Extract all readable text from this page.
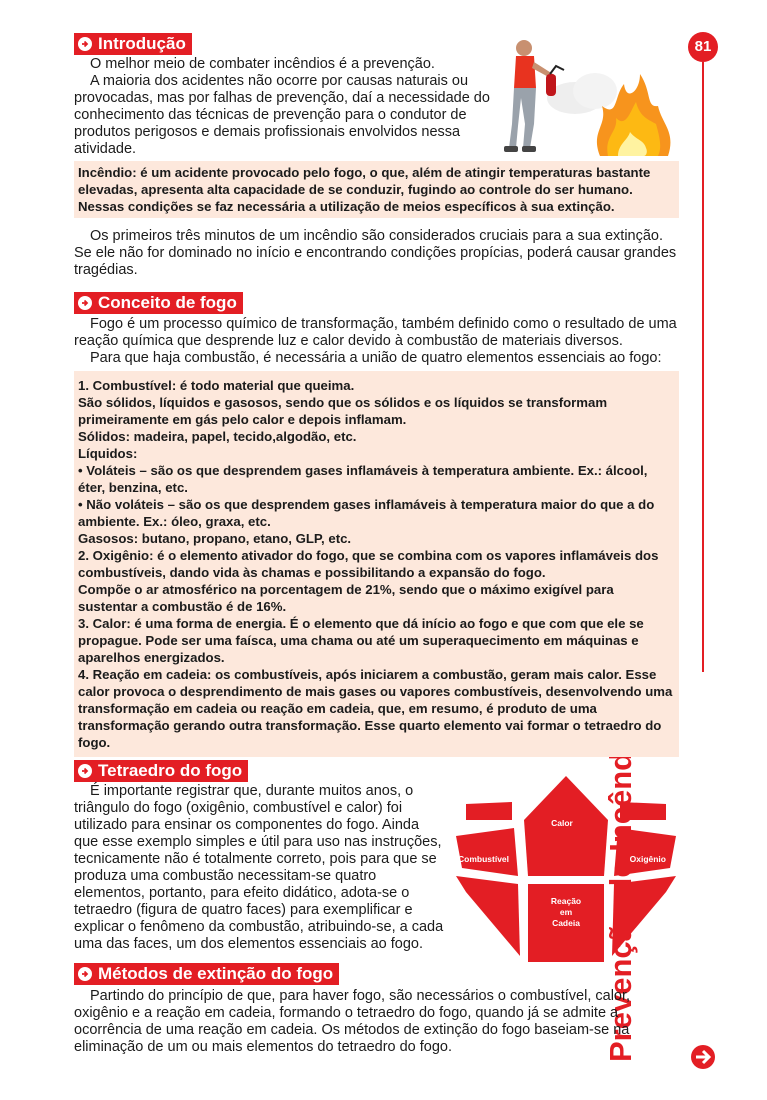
81
Prevenção de Incêndio
Introdução

O melhor meio de combater incêndios é a prevenção.

A maioria dos acidentes não ocorre por causas naturais ou provocadas, mas por falhas de prevenção, daí a necessidade do conhecimento das técnicas de prevenção para o condutor de produtos perigosos e demais profissionais envolvidos nessa atividade.

Incêndio: é um acidente provocado pelo fogo, o que, além de atingir temperaturas bastante elevadas, apresenta alta capacidade de se conduzir, fugindo ao controle do ser humano. Nessas condições se faz necessária a utilização de meios específicos à sua extinção.

Os primeiros três minutos de um incêndio são considerados cruciais para a sua extinção. Se ele não for dominado no início e encontrando condições propícias, poderá causar grandes tragédias.

Conceito de fogo

Fogo é um processo químico de transformação, também definido como o resultado de uma reação química que desprende luz e calor devido à combustão de materiais diversos.

Para que haja combustão, é necessária a união de quatro elementos essenciais ao fogo:

1. Combustível: é todo material que queima.

São sólidos, líquidos e gasosos, sendo que os sólidos e os líquidos se transformam primeiramente em gás pelo calor e depois inflamam.

Sólidos: madeira, papel, tecido,algodão, etc.

Líquidos:

• Voláteis – são os que desprendem gases inflamáveis à temperatura ambiente. Ex.: álcool, éter, benzina, etc.

• Não voláteis – são os que desprendem gases inflamáveis à temperatura maior do que a do ambiente. Ex.: óleo, graxa, etc.

Gasosos: butano, propano, etano, GLP, etc.

2. Oxigênio: é o elemento ativador do fogo, que se combina com os vapores inflamáveis dos combustíveis, dando vida às chamas e possibilitando a expansão do fogo.

Compõe o ar atmosférico na porcentagem de 21%, sendo que o máximo exigível para sustentar a combustão é de 16%.

3. Calor: é uma forma de energia. É o elemento que dá início ao fogo e que com que ele se propague. Pode ser uma faísca, uma chama ou até um superaquecimento em máquinas e aparelhos energizados.

4. Reação em cadeia: os combustíveis, após iniciarem a combustão, geram mais calor. Esse calor provoca o desprendimento de mais gases ou vapores combustíveis, desenvolvendo uma transformação em cadeia ou reação em cadeia, que, em resumo, é produto de uma transformação gerando outra transformação. Esse quarto elemento vai formar o tetraedro do fogo.

Tetraedro do fogo

É importante registrar que, durante muitos anos, o triângulo do fogo (oxigênio, combustível e calor) foi utilizado para ensinar os componentes do fogo. Ainda que esse exemplo simples e útil para uso nas instruções, tecnicamente não é totalmente correto, pois para que se produza uma combustão necessitam-se quatro elementos, portanto, para efeito didático, adota-se o tetraedro (figura de quatro faces) para exemplificar e explicar o fenômeno da combustão, atribuindo-se, a cada uma das faces, um dos elementos essenciais ao fogo.

Calor
Combustível	Oxigênio
Reação
em
Cadeia
Métodos de extinção do fogo

Partindo do princípio de que, para haver fogo, são necessários o combustível, calor, oxigênio e a reação em cadeia, formando o tetraedro do fogo, quando já se admite a ocorrência de uma reação em cadeia. Os métodos de extinção do fogo baseiam-se na eliminação de um ou mais elementos do tetraedro do fogo.
